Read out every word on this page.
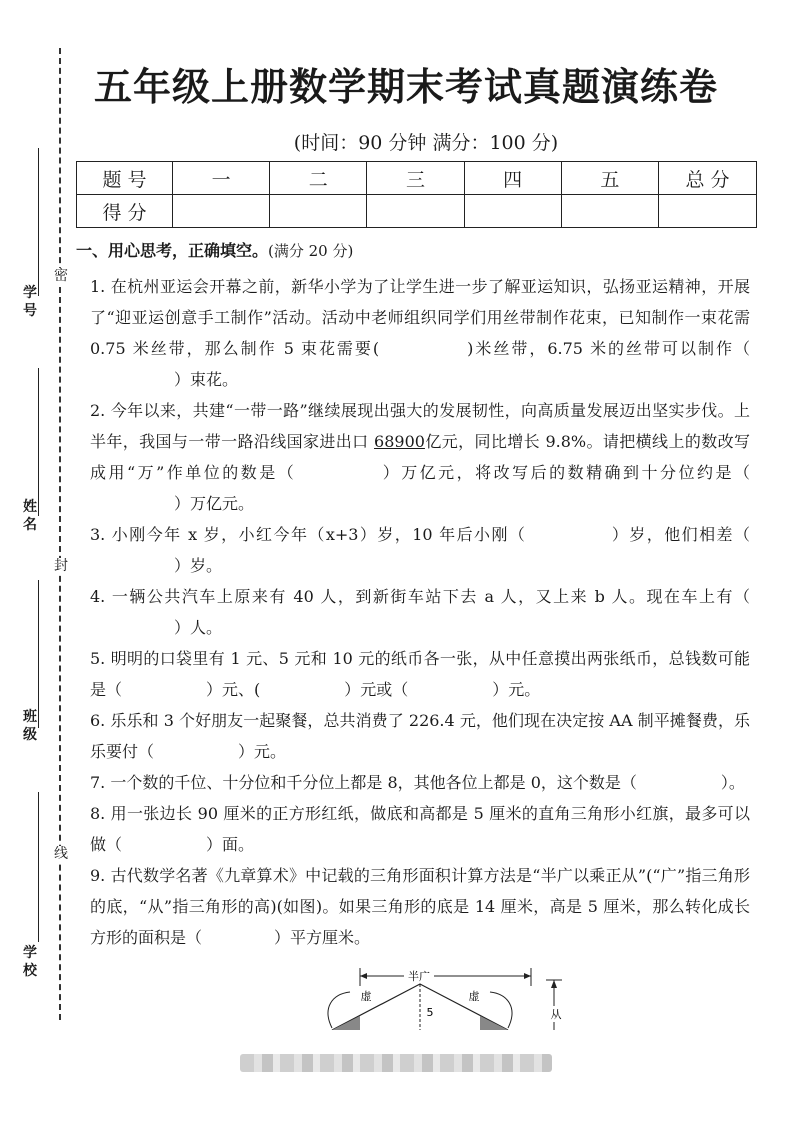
密
封
线
学号
姓名
班级
学校
五年级上册数学期末考试真题演练卷
(时间：90 分钟 满分：100 分)
题 号	一	二	三	四	五	总 分
得 分						
一、用心思考，正确填空。(满分 20 分)

1. 在杭州亚运会开幕之前，新华小学为了让学生进一步了解亚运知识，弘扬亚运精神，开展了“迎亚运创意手工制作”活动。活动中老师组织同学们用丝带制作花束，已知制作一束花需 0.75 米丝带，那么制作 5 束花需要(	)米丝带，6.75 米的丝带可以制作（）束花。

2. 今年以来，共建“一带一路”继续展现出强大的发展韧性，向高质量发展迈出坚实步伐。上半年，我国与一带一路沿线国家进出口 68900亿元，同比增长 9.8%。请把横线上的数改写成用“万”作单位的数是（	）万亿元，将改写后的数精确到十分位约是（）万亿元。

3. 小刚今年 x 岁，小红今年（x+3）岁，10 年后小刚（	）岁，他们相差（）岁。

4. 一辆公共汽车上原来有 40 人，到新街车站下去 a 人，又上来 b 人。现在车上有（）人。

5. 明明的口袋里有 1 元、5 元和 10 元的纸币各一张，从中任意摸出两张纸币，总钱数可能是（	）元、(	）元或（	）元。

6. 乐乐和 3 个好朋友一起聚餐，总共消费了 226.4 元，他们现在决定按 AA 制平摊餐费，乐乐要付（	）元。

7. 一个数的千位、十分位和千分位上都是 8，其他各位上都是 0，这个数是（	）。

8. 用一张边长 90 厘米的正方形红纸，做底和高都是 5 厘米的直角三角形小红旗，最多可以做（	）面。

9. 古代数学名著《九章算术》中记载的三角形面积计算方法是“半广以乘正从”(“广”指三角形的底，“从”指三角形的高)(如图)。如果三角形的底是 14 厘米，高是 5 厘米，那么转化成长方形的面积是（	）平方厘米。

半广
虚	虚
5	从
